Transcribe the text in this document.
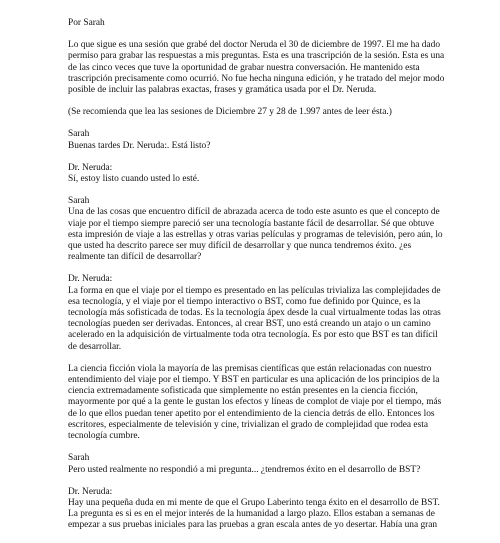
Por Sarah
Lo que sigue es una sesión que grabé del doctor Neruda el 30 de diciembre de 1997. El me ha dado permiso para grabar las respuestas a mis preguntas. Esta es una trascripción de la sesión. Esta es una de las cinco veces que tuve la oportunidad de grabar nuestra conversación. He mantenido esta trascripción precisamente como ocurrió. No fue hecha ninguna edición, y he tratado del mejor modo posible de incluir las palabras exactas, frases y gramática usada por el Dr. Neruda.
(Se recomienda que lea las sesiones de Diciembre 27 y 28 de 1.997 antes de leer ésta.)
Sarah
Buenas tardes Dr. Neruda:. Está listo?
Dr. Neruda:
Sí, estoy listo cuando usted lo esté.
Sarah
Una de las cosas que encuentro difícil de abrazada acerca de todo este asunto es que el concepto de viaje por el tiempo siempre pareció ser una tecnología bastante fácil de desarrollar. Sé que obtuve esta impresión de viaje a las estrellas y otras varias películas y programas de televisión, pero aún, lo que usted ha descrito parece ser muy difícil de desarrollar y que nunca tendremos éxito. ¿es realmente tan difícil de desarrollar?
Dr. Neruda:
La forma en que el viaje por el tiempo es presentado en las películas trivializa las complejidades de esa tecnología, y el viaje por el tiempo interactivo o BST, como fue definido por Quince, es la tecnología más sofisticada de todas. Es la tecnología ápex desde la cual virtualmente todas las otras tecnologías pueden ser derivadas. Entonces, al crear BST, uno está creando un atajo o un camino acelerado en la adquisición de virtualmente toda otra tecnología. Es por esto que BST es tan difícil de desarrollar.
La ciencia ficción viola la mayoría de las premisas científicas que están relacionadas con nuestro entendimiento del viaje por el tiempo. Y BST en particular es una aplicación de los principios de la ciencia extremadamente sofisticada que simplemente no están presentes en la ciencia ficción, mayormente por qué a la gente le gustan los efectos y líneas de complot de viaje por el tiempo, más de lo que ellos puedan tener apetito por el entendimiento de la ciencia detrás de ello. Entonces los escritores, especialmente de televisión y cine, trivializan el grado de complejidad que rodea esta tecnología cumbre.
Sarah
Pero usted realmente no respondió a mi pregunta... ¿tendremos éxito en el desarrollo de BST?
Dr. Neruda:
Hay una pequeña duda en mi mente de que el Grupo Laberinto tenga éxito en el desarrollo de BST. La pregunta es si es en el mejor interés de la humanidad a largo plazo. Ellos estaban a semanas de empezar a sus pruebas iniciales para las pruebas a gran escala antes de yo desertar. Había una gran
